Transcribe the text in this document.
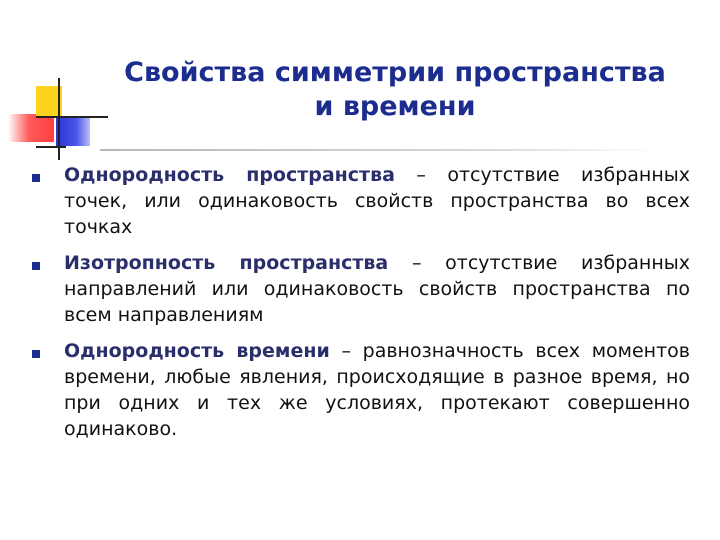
Свойства симметрии пространства
и времени
Однородность пространства – отсутствие избранных точек, или одинаковость свойств пространства во всех точках
Изотропность пространства – отсутствие избранных направлений или одинаковость свойств пространства по всем направлениям
Однородность времени – равнозначность всех моментов времени, любые явления, происходящие в разное время, но при одних и тех же условиях, протекают совершенно одинаково.
